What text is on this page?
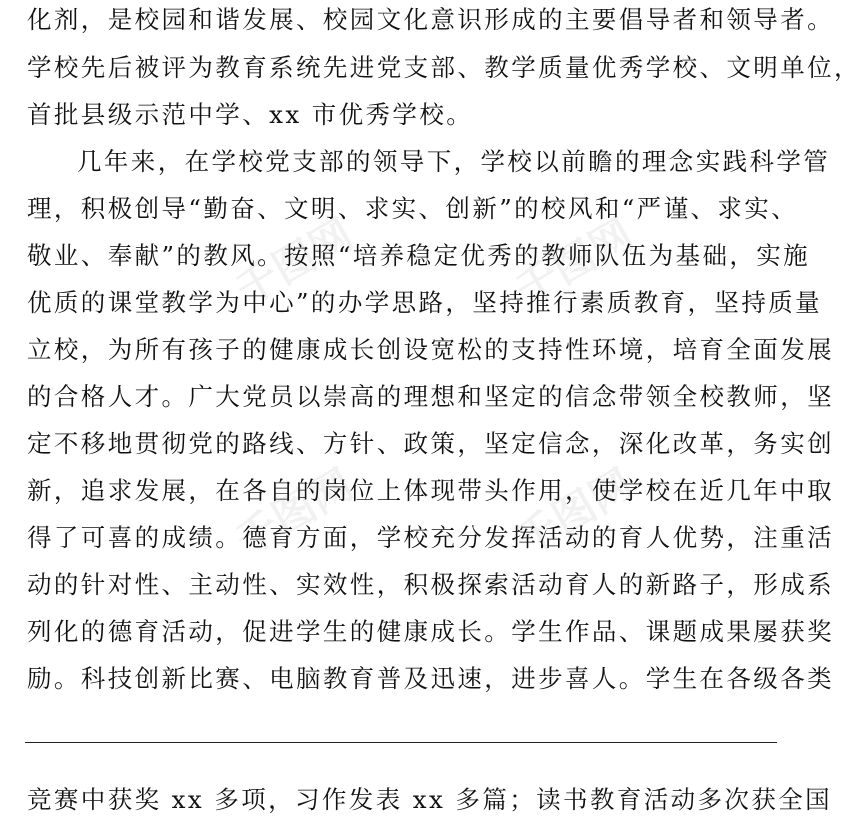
化剂，是校园和谐发展、校园文化意识形成的主要倡导者和领导者。
学校先后被评为教育系统先进党支部、教学质量优秀学校、文明单位，
首批县级示范中学、xx 市优秀学校。
几年来，在学校党支部的领导下，学校以前瞻的理念实践科学管
理，积极创导“勤奋、文明、求实、创新”的校风和“严谨、求实、
敬业、奉献”的教风。按照“培养稳定优秀的教师队伍为基础，实施
优质的课堂教学为中心”的办学思路，坚持推行素质教育，坚持质量
立校，为所有孩子的健康成长创设宽松的支持性环境，培育全面发展
的合格人才。广大党员以崇高的理想和坚定的信念带领全校教师，坚
定不移地贯彻党的路线、方针、政策，坚定信念，深化改革，务实创
新，追求发展，在各自的岗位上体现带头作用，使学校在近几年中取
得了可喜的成绩。德育方面，学校充分发挥活动的育人优势，注重活
动的针对性、主动性、实效性，积极探索活动育人的新路子，形成系
列化的德育活动，促进学生的健康成长。学生作品、课题成果屡获奖
励。科技创新比赛、电脑教育普及迅速，进步喜人。学生在各级各类
竞赛中获奖 xx 多项，习作发表 xx 多篇；读书教育活动多次获全国
千图网	千图网
千图网	千图网
